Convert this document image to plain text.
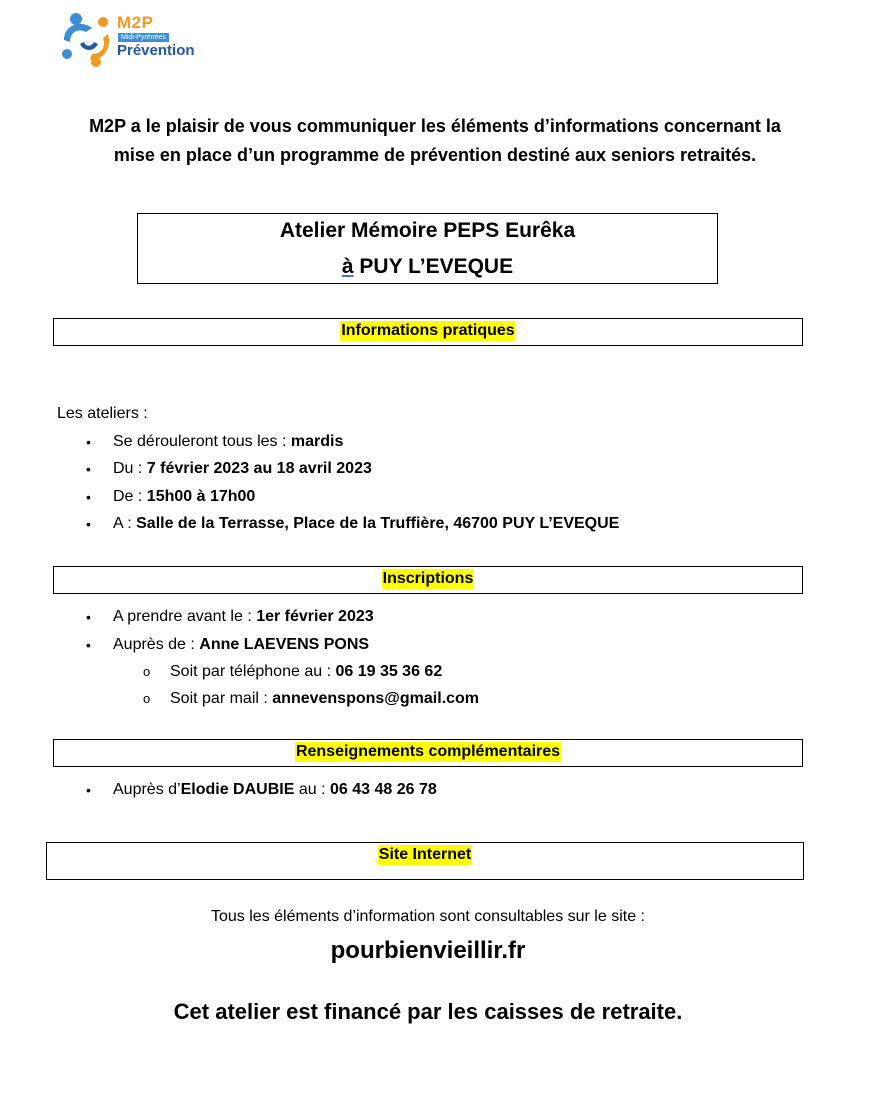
M2P
Midi-Pyrénées
Prévention
M2P a le plaisir de vous communiquer les éléments d’informations concernant la
mise en place d’un programme de prévention destiné aux seniors retraités.
Atelier Mémoire PEPS Eurêka
à PUY L’EVEQUE
Informations pratiques
Les ateliers :
•	Se dérouleront tous les : mardis
•	Du : 7 février 2023 au 18 avril 2023
•	De : 15h00 à 17h00
•	A : Salle de la Terrasse, Place de la Truffière, 46700 PUY L’EVEQUE
Inscriptions
•	A prendre avant le : 1er février 2023
•	Auprès de : Anne LAEVENS PONS
o Soit par téléphone au : 06 19 35 36 62
o Soit par mail : annevenspons@gmail.com
Renseignements complémentaires
•	Auprès d’Elodie DAUBIE au : 06 43 48 26 78
Site Internet
Tous les éléments d’information sont consultables sur le site :
pourbienvieillir.fr
Cet atelier est financé par les caisses de retraite.
